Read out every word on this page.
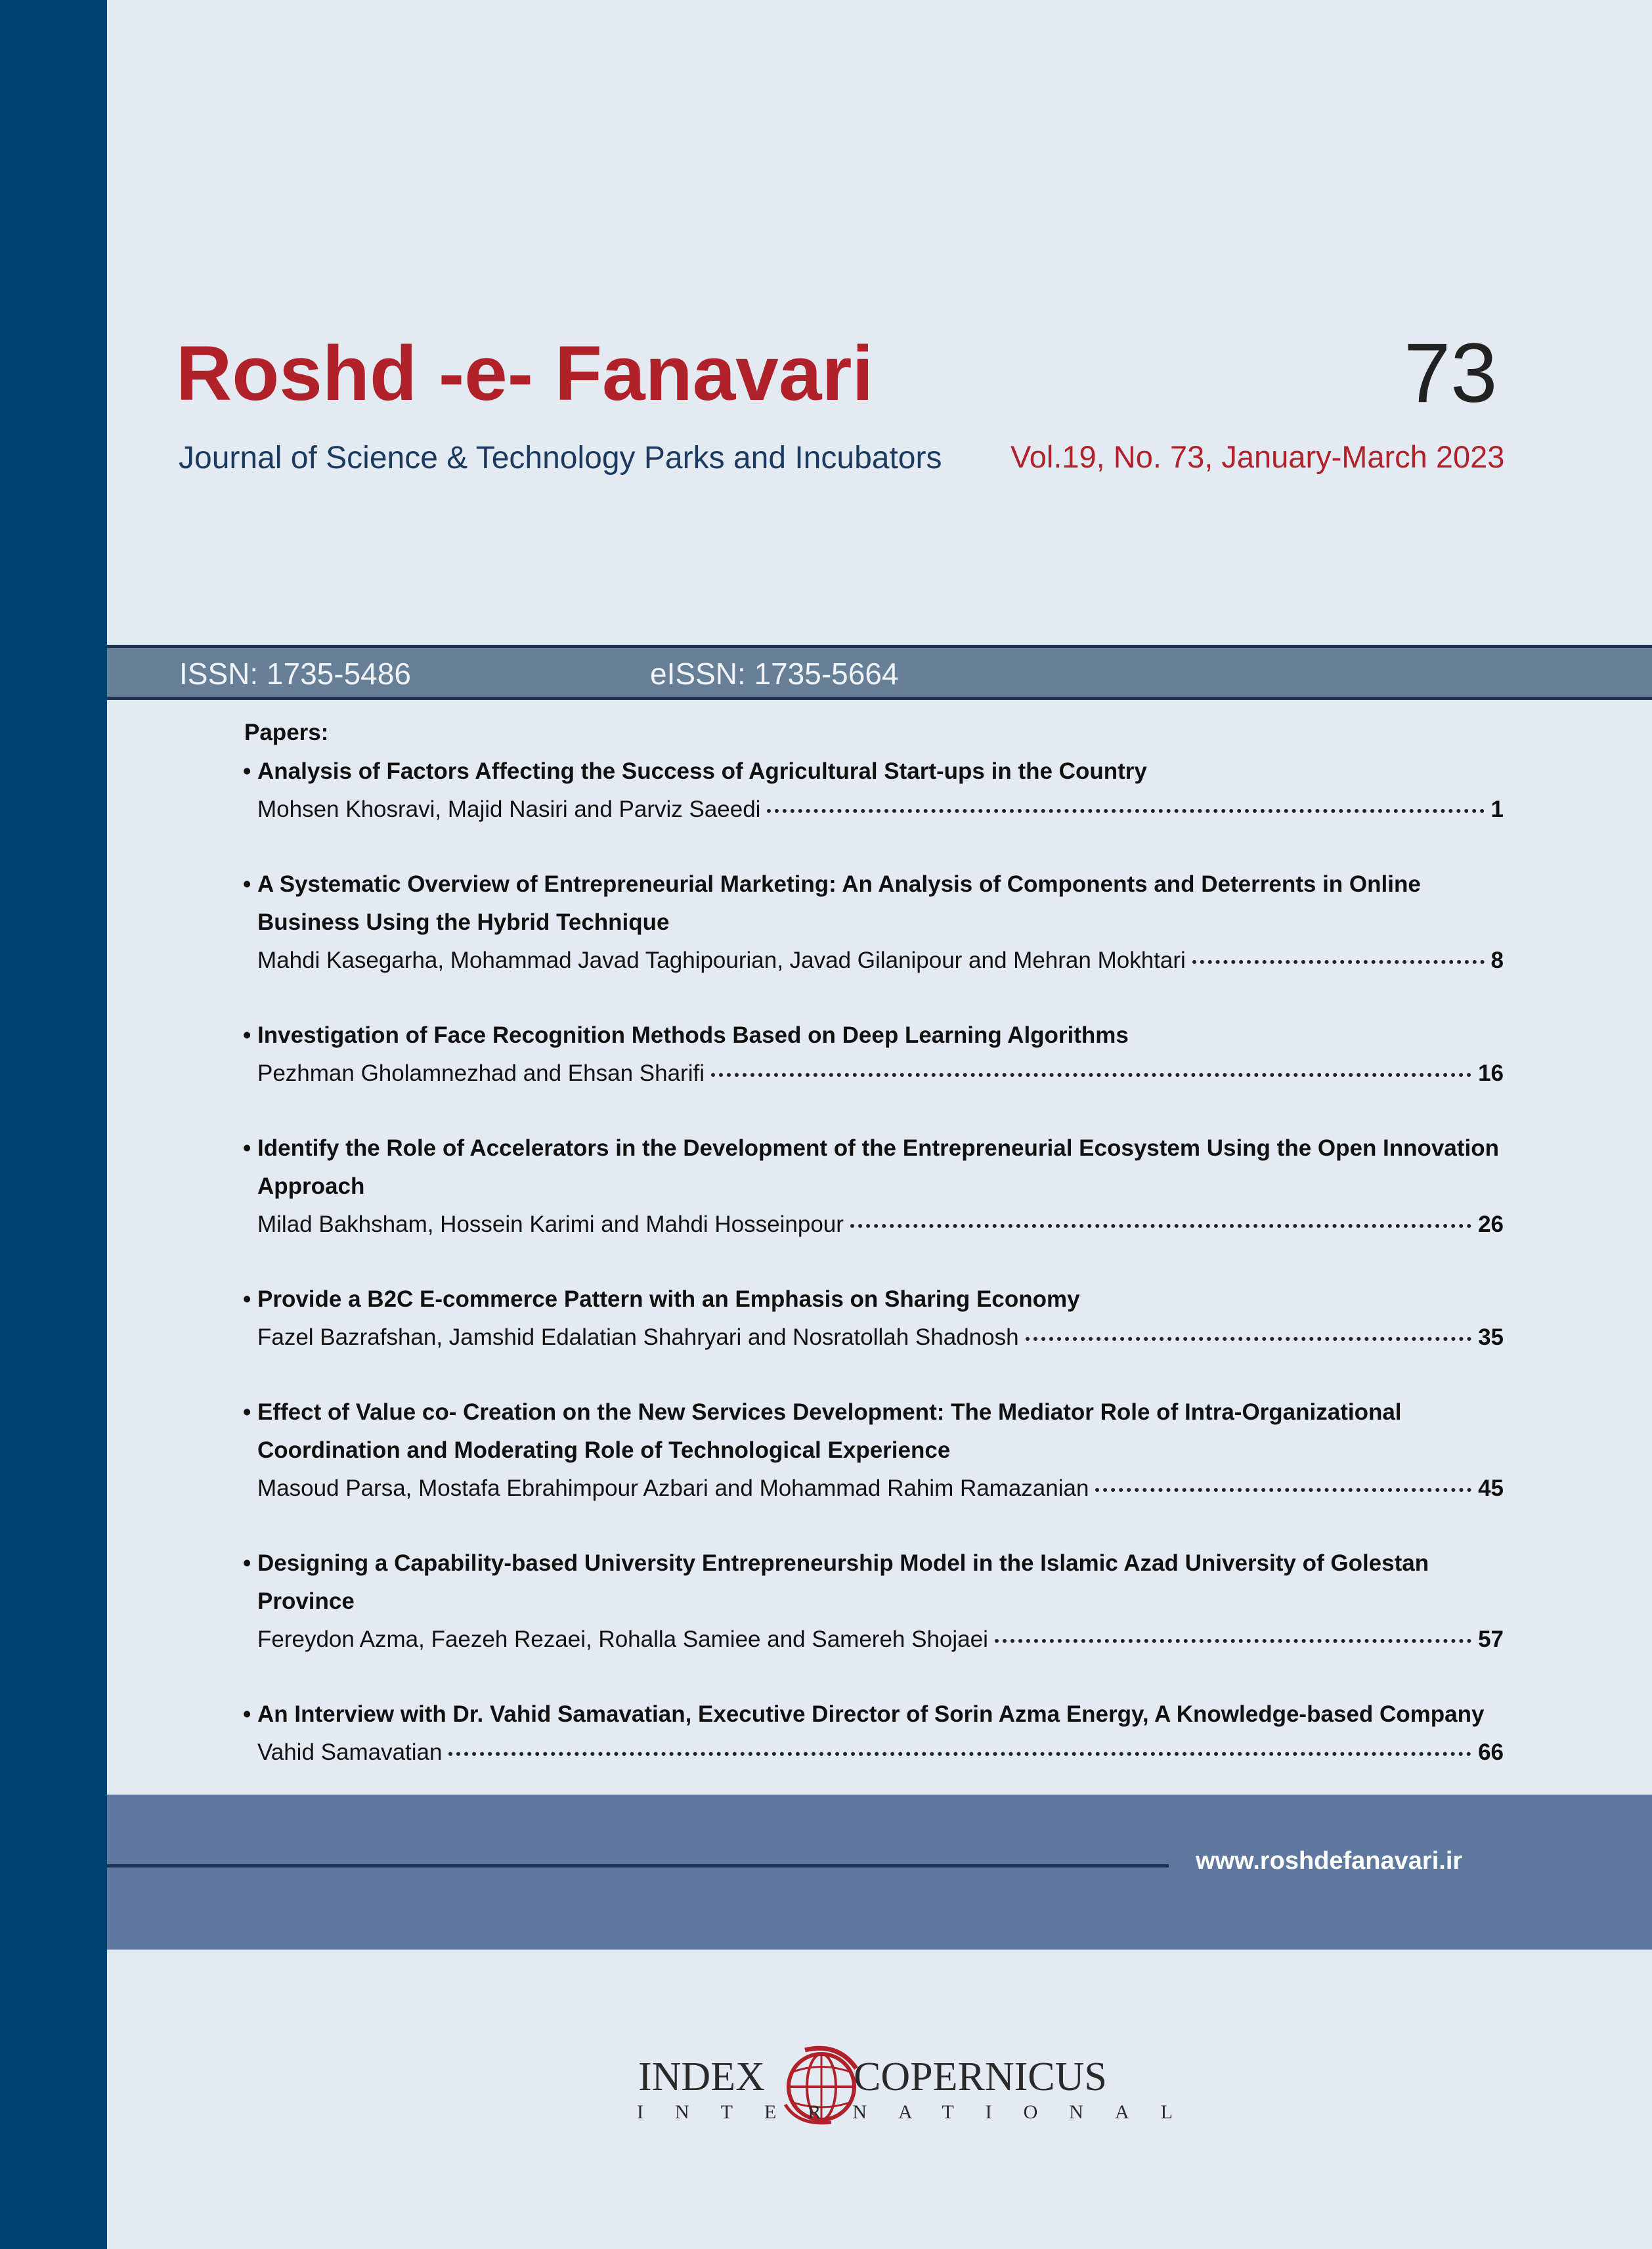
Roshd -e- Fanavari
Journal of Science & Technology Parks and Incubators
73
Vol.19, No. 73, January-March 2023
ISSN: 1735-5486	eISSN: 1735-5664
Papers:
• Analysis of Factors Affecting the Success of Agricultural Start-ups in the Country
Mohsen Khosravi, Majid Nasiri and Parviz Saeedi	1
• A Systematic Overview of Entrepreneurial Marketing: An Analysis of Components and Deterrents in Online Business Using the Hybrid Technique
Mahdi Kasegarha, Mohammad Javad Taghipourian, Javad Gilanipour and Mehran Mokhtari	8
• Investigation of Face Recognition Methods Based on Deep Learning Algorithms
Pezhman Gholamnezhad and Ehsan Sharifi	16
• Identify the Role of Accelerators in the Development of the Entrepreneurial Ecosystem Using the Open Innovation Approach
Milad Bakhsham, Hossein Karimi and Mahdi Hosseinpour	26
• Provide a B2C E-commerce Pattern with an Emphasis on Sharing Economy
Fazel Bazrafshan, Jamshid Edalatian Shahryari and Nosratollah Shadnosh	35
• Effect of Value co- Creation on the New Services Development: The Mediator Role of Intra-Organizational Coordination and Moderating Role of Technological Experience
Masoud Parsa, Mostafa Ebrahimpour Azbari and Mohammad Rahim Ramazanian	45
• Designing a Capability-based University Entrepreneurship Model in the Islamic Azad University of Golestan Province
Fereydon Azma, Faezeh Rezaei, Rohalla Samiee and Samereh Shojaei	57
• An Interview with Dr. Vahid Samavatian, Executive Director of Sorin Azma Energy, A Knowledge-based Company
Vahid Samavatian	66
www.roshdefanavari.ir
INDEX COPERNICUS
INTERNATIONAL
